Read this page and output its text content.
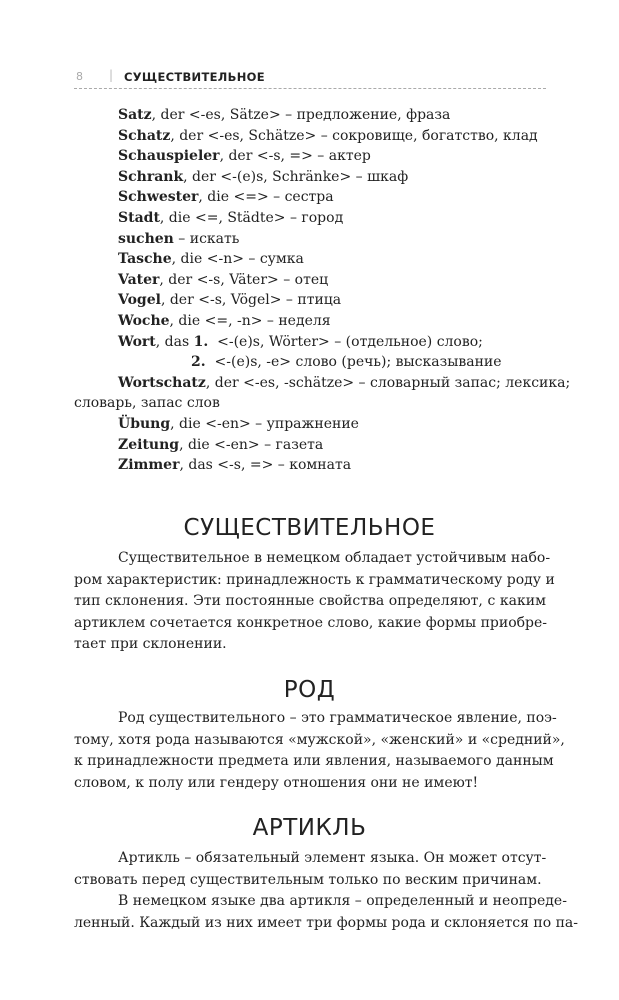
8 | СУЩЕСТВИТЕЛЬНОЕ
Satz, der <-es, Sätze> – предложение, фраза
Schatz, der <-es, Schätze> – сокровище, богатство, клад
Schauspieler, der <-s, => – актер
Schrank, der <-(e)s, Schränke> – шкаф
Schwester, die <=> – сестра
Stadt, die <=, Städte> – город
suchen – искать
Tasche, die <-n> – сумка
Vater, der <-s, Väter> – отец
Vogel, der <-s, Vögel> – птица
Woche, die <=, -n> – неделя
Wort, das 1.  <-(e)s, Wörter> – (отдельное) слово;
2.  <-(e)s, -e> слово (речь); высказывание
Wortschatz, der <-es, -schätze> – словарный запас; лексика;
словарь, запас слов
Übung, die <-en> – упражнение
Zeitung, die <-en> – газета
Zimmer, das <-s, => – комната
СУЩЕСТВИТЕЛЬНОЕ
Существительное в немецком обладает устойчивым набо-
ром характеристик: принадлежность к грамматическому роду и
тип склонения. Эти постоянные свойства определяют, с каким
артиклем сочетается конкретное слово, какие формы приобре-
тает при склонении.
РОД
Род существительного – это грамматическое явление, поэ-
тому, хотя рода называются «мужской», «женский» и «средний»,
к принадлежности предмета или явления, называемого данным
словом, к полу или гендеру отношения они не имеют!
АРТИКЛЬ
Артикль – обязательный элемент языка. Он может отсут-
ствовать перед существительным только по веским причинам.
В немецком языке два артикля – определенный и неопреде-
ленный. Каждый из них имеет три формы рода и склоняется по па-
